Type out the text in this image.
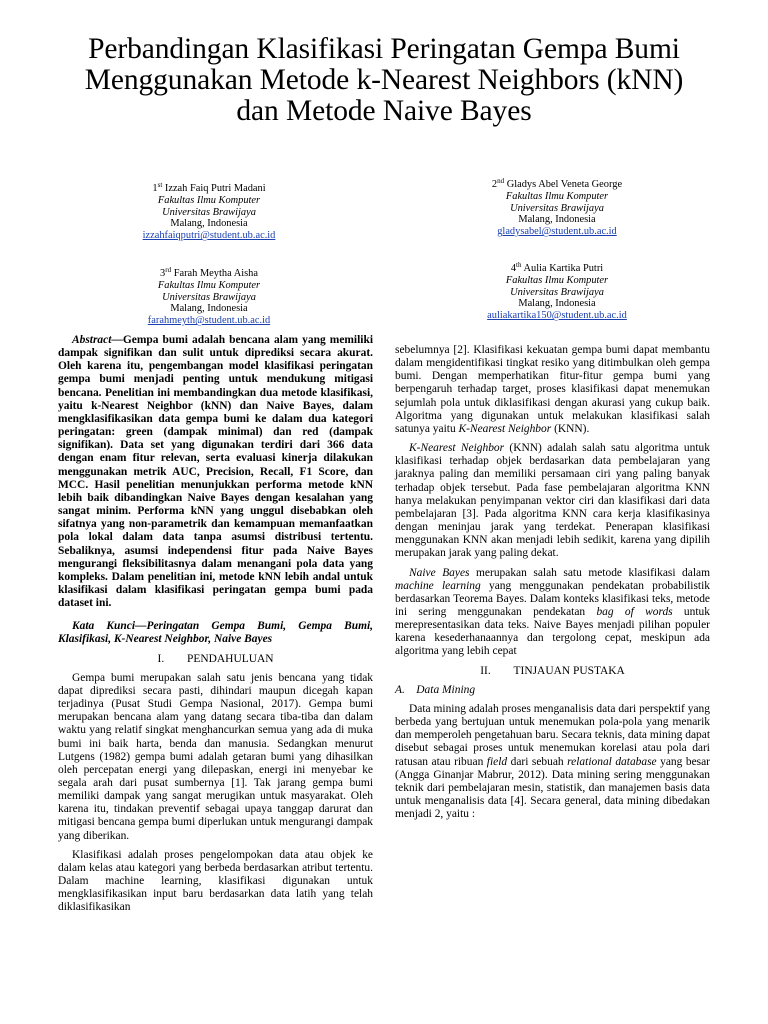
Perbandingan Klasifikasi Peringatan Gempa Bumi
Menggunakan Metode k-Nearest Neighbors (kNN)
dan Metode Naive Bayes
1st Izzah Faiq Putri Madani
Fakultas Ilmu Komputer
Universitas Brawijaya
Malang, Indonesia
izzahfaiqputri@student.ub.ac.id
2nd Gladys Abel Veneta George
Fakultas Ilmu Komputer
Universitas Brawijaya
Malang, Indonesia
gladysabel@student.ub.ac.id
3rd Farah Meytha Aisha
Fakultas Ilmu Komputer
Universitas Brawijaya
Malang, Indonesia
farahmeyth@student.ub.ac.id
4th Aulia Kartika Putri
Fakultas Ilmu Komputer
Universitas Brawijaya
Malang, Indonesia
auliakartika150@student.ub.ac.id

Abstract—Gempa bumi adalah bencana alam yang memiliki dampak signifikan dan sulit untuk diprediksi secara akurat. Oleh karena itu, pengembangan model klasifikasi peringatan gempa bumi menjadi penting untuk mendukung mitigasi bencana. Penelitian ini membandingkan dua metode klasifikasi, yaitu k-Nearest Neighbor (kNN) dan Naive Bayes, dalam mengklasifikasikan data gempa bumi ke dalam dua kategori peringatan: green (dampak minimal) dan red (dampak signifikan). Data set yang digunakan terdiri dari 366 data dengan enam fitur relevan, serta evaluasi kinerja dilakukan menggunakan metrik AUC, Precision, Recall, F1 Score, dan MCC. Hasil penelitian menunjukkan performa metode kNN lebih baik dibandingkan Naive Bayes dengan kesalahan yang sangat minim. Performa kNN yang unggul disebabkan oleh sifatnya yang non-parametrik dan kemampuan memanfaatkan pola lokal dalam data tanpa asumsi distribusi tertentu. Sebaliknya, asumsi independensi fitur pada Naive Bayes mengurangi fleksibilitasnya dalam menangani pola data yang kompleks. Dalam penelitian ini, metode kNN lebih andal untuk klasifikasi dalam klasifikasi peringatan gempa bumi pada dataset ini.

Kata Kunci—Peringatan Gempa Bumi, Gempa Bumi, Klasifikasi, K-Nearest Neighbor, Naive Bayes

I.  PENDAHULUAN

Gempa bumi merupakan salah satu jenis bencana yang tidak dapat diprediksi secara pasti, dihindari maupun dicegah kapan terjadinya (Pusat Studi Gempa Nasional, 2017). Gempa bumi merupakan bencana alam yang datang secara tiba-tiba dan dalam waktu yang relatif singkat menghancurkan semua yang ada di muka bumi ini baik harta, benda dan manusia. Sedangkan menurut Lutgens (1982) gempa bumi adalah getaran bumi yang dihasilkan oleh percepatan energi yang dilepaskan, energi ini menyebar ke segala arah dari pusat sumbernya [1]. Tak jarang gempa bumi memiliki dampak yang sangat merugikan untuk masyarakat. Oleh karena itu, tindakan preventif sebagai upaya tanggap darurat dan mitigasi bencana gempa bumi diperlukan untuk mengurangi dampak yang diberikan.

Klasifikasi adalah proses pengelompokan data atau objek ke dalam kelas atau kategori yang berbeda berdasarkan atribut tertentu. Dalam machine learning, klasifikasi digunakan untuk mengklasifikasikan input baru berdasarkan data latih yang telah diklasifikasikan

sebelumnya [2]. Klasifikasi kekuatan gempa bumi dapat membantu dalam mengidentifikasi tingkat resiko yang ditimbulkan oleh gempa bumi. Dengan memperhatikan fitur-fitur gempa bumi yang berpengaruh terhadap target, proses klasifikasi dapat menemukan sejumlah pola untuk diklasifikasi dengan akurasi yang cukup baik. Algoritma yang digunakan untuk melakukan klasifikasi salah satunya yaitu K-Nearest Neighbor (KNN).

K-Nearest Neighbor (KNN) adalah salah satu algoritma untuk klasifikasi terhadap objek berdasarkan data pembelajaran yang jaraknya paling dan memiliki persamaan ciri yang paling banyak terhadap objek tersebut. Pada fase pembelajaran algoritma KNN hanya melakukan penyimpanan vektor ciri dan klasifikasi dari data pembelajaran [3]. Pada algoritma KNN cara kerja klasifikasinya dengan meninjau jarak yang terdekat. Penerapan klasifikasi menggunakan KNN akan menjadi lebih sedikit, karena yang dipilih merupakan jarak yang paling dekat.

Naive Bayes merupakan salah satu metode klasifikasi dalam machine learning yang menggunakan pendekatan probabilistik berdasarkan Teorema Bayes. Dalam konteks klasifikasi teks, metode ini sering menggunakan pendekatan bag of words untuk merepresentasikan data teks. Naive Bayes menjadi pilihan populer karena kesederhanaannya dan tergolong cepat, meskipun ada algoritma yang lebih cepat

II.  TINJAUAN PUSTAKA

A. Data Mining

Data mining adalah proses menganalisis data dari perspektif yang berbeda yang bertujuan untuk menemukan pola-pola yang menarik dan memperoleh pengetahuan baru. Secara teknis, data mining dapat disebut sebagai proses untuk menemukan korelasi atau pola dari ratusan atau ribuan field dari sebuah relational database yang besar (Angga Ginanjar Mabrur, 2012). Data mining sering menggunakan teknik dari pembelajaran mesin, statistik, dan manajemen basis data untuk menganalisis data [4]. Secara general, data mining dibedakan menjadi 2, yaitu :
